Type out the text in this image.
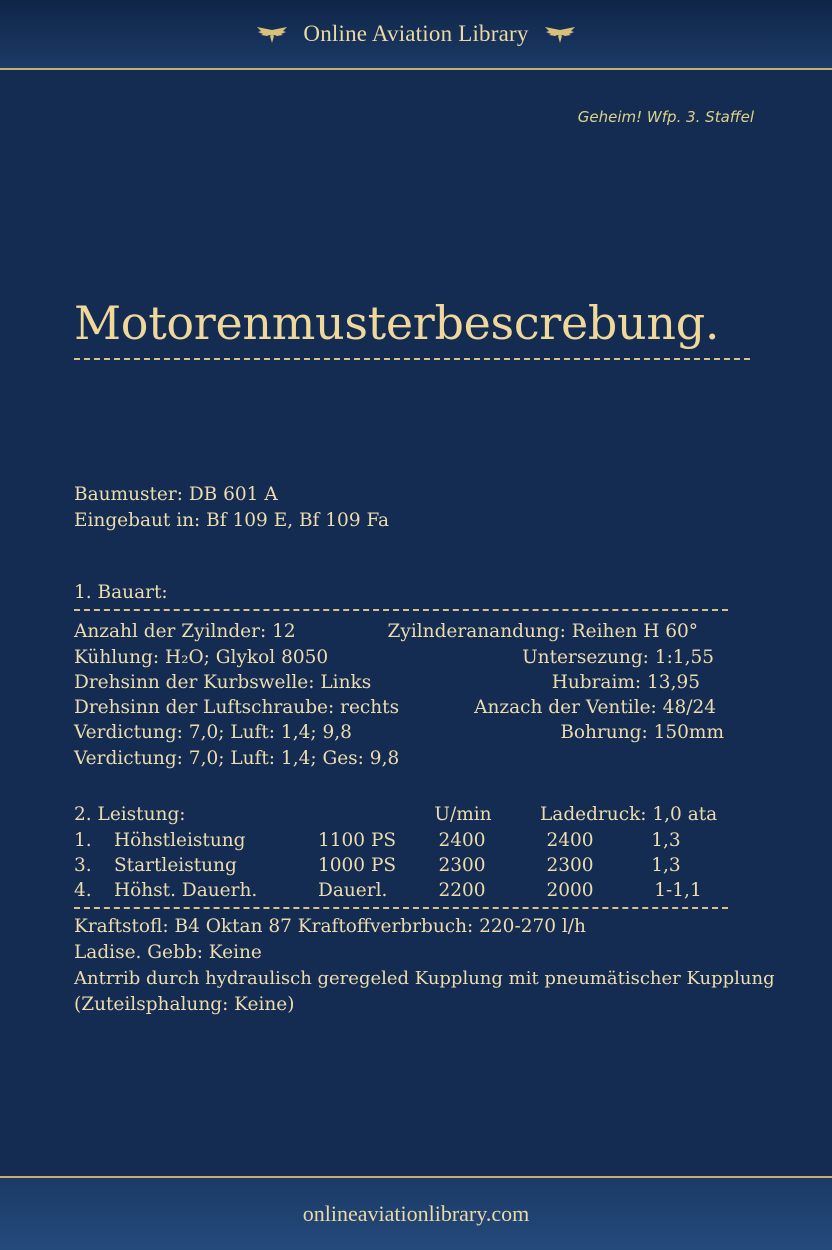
Online Aviation Library
Geheim! Wfp. 3. Staffel
Motorenmusterbescrebung.
Baumuster: DB 601 A
Eingebaut in: Bf 109 E, Bf 109 Fa
1. Bauart:
Anzahl der Zyilnder: 12	Zyilnderanandung: Reihen H 60°
Kühlung: H₂O; Glykol 8050	Untersezung: 1:1,55
Drehsinn der Kurbswelle: Links	Hubraim: 13,95
Drehsinn der Luftschraube: rechts	Anzach der Ventile: 48/24
Verdictung: 7,0; Luft: 1,4; 9,8	Bohrung: 150mm
Verdictung: 7,0; Luft: 1,4; Ges: 9,8
2. Leistung:	U/min	Ladedruck: 1,0 ata
1. Höhstleistung	1100 PS	2400	2400	1,3
3. Startleistung	1000 PS	2300	2300	1,3
4. Höhst. Dauerh.	Dauerl.	2200	2000	1-1,1
Kraftstofl: B4 Oktan 87 Kraftoffverbrbuch: 220-270 l/h
Ladise. Gebb: Keine
Antrrib durch hydraulisch geregeled Kupplung mit pneumätischer Kupplung
(Zuteilsphalung: Keine)
onlineaviationlibrary.com
